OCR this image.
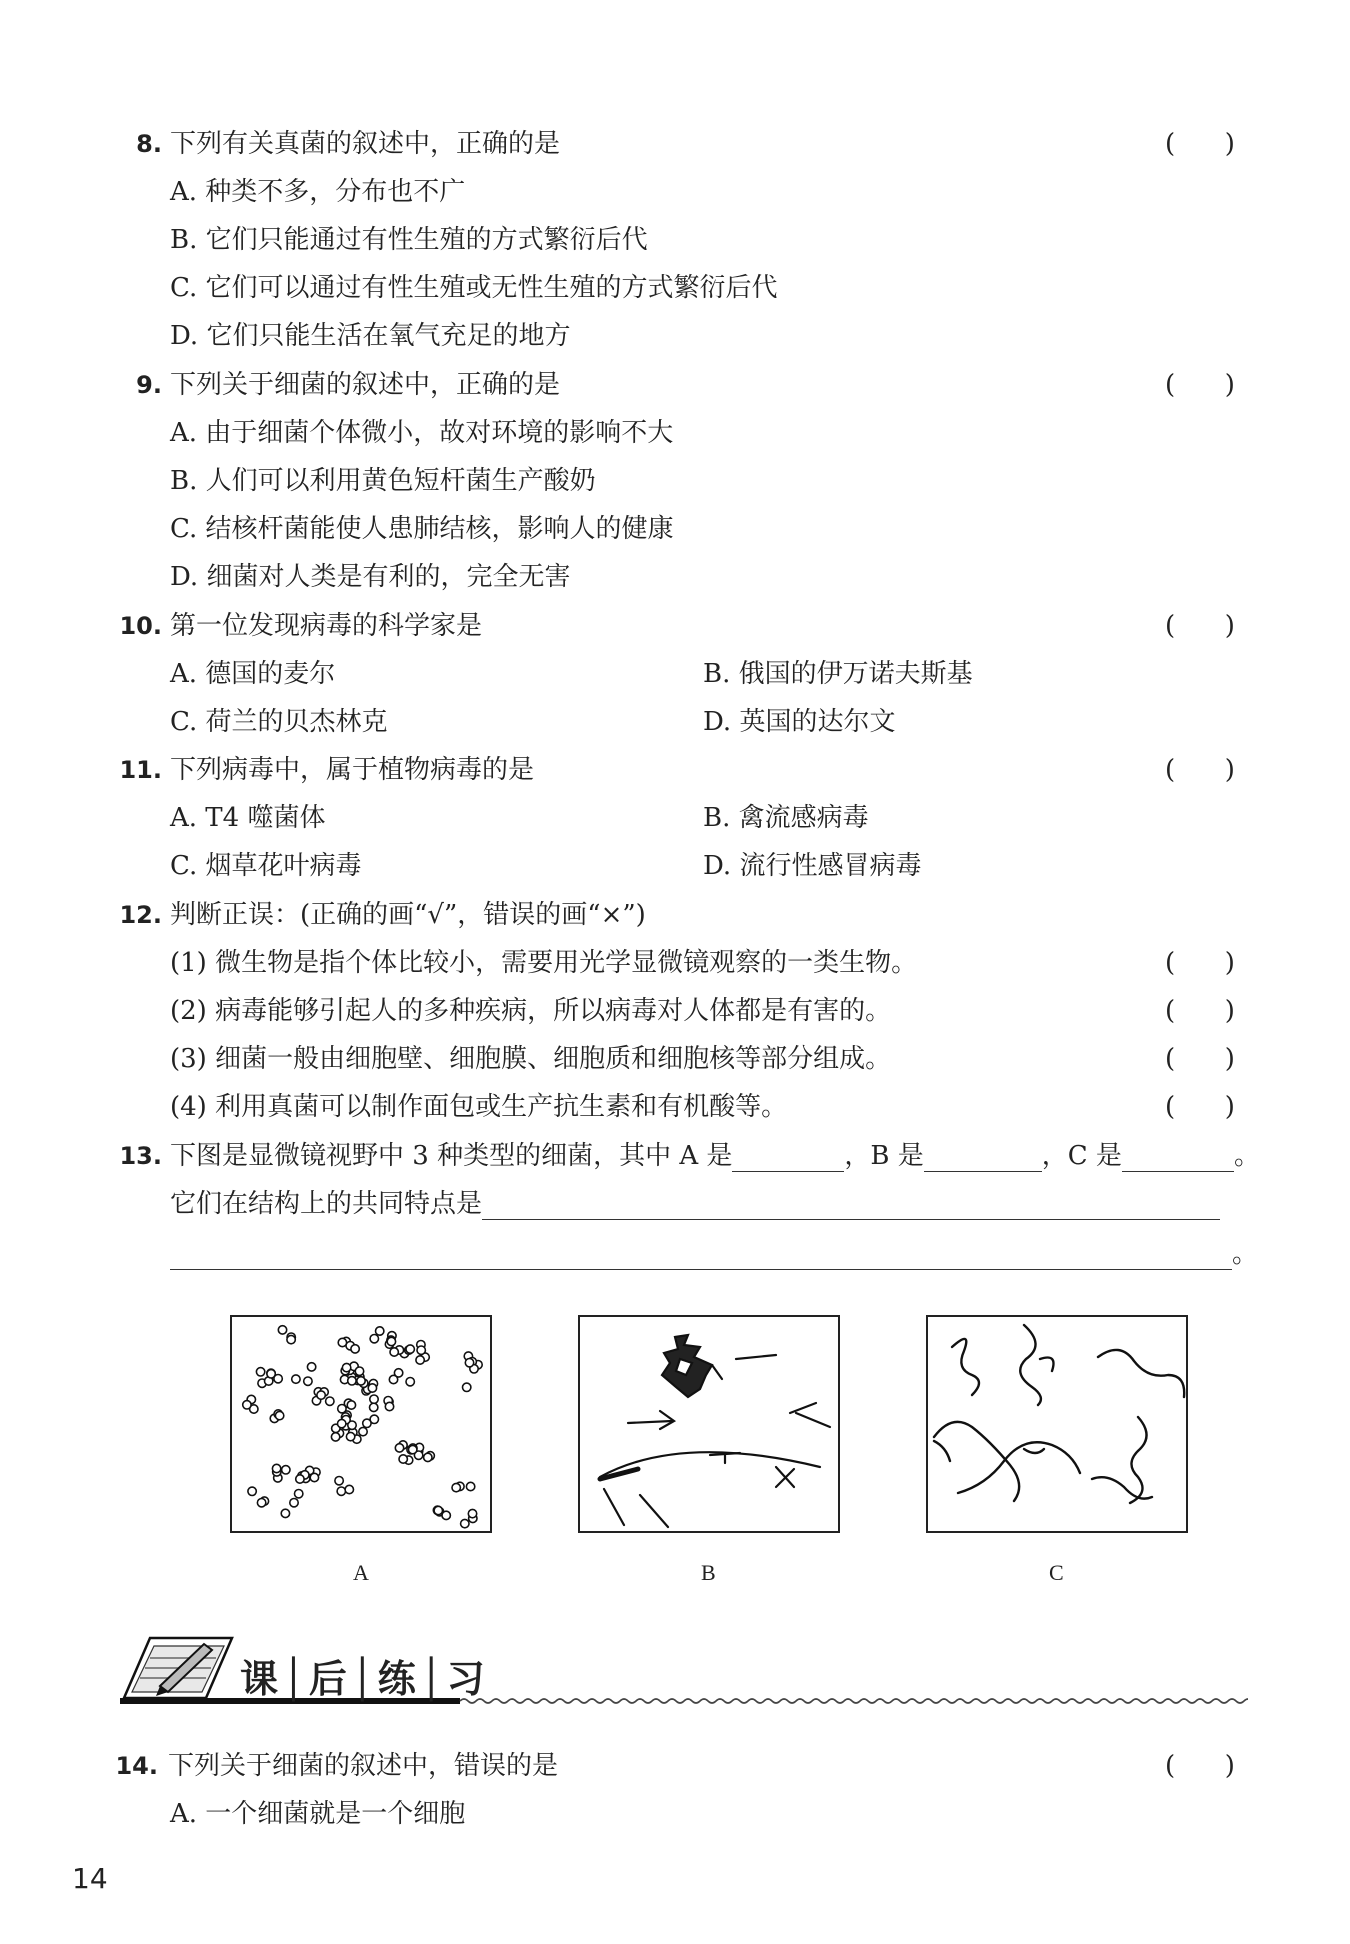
8. 下列有关真菌的叙述中，正确的是	(      )
A. 种类不多，分布也不广
B. 它们只能通过有性生殖的方式繁衍后代
C. 它们可以通过有性生殖或无性生殖的方式繁衍后代
D. 它们只能生活在氧气充足的地方
9. 下列关于细菌的叙述中，正确的是	(      )
A. 由于细菌个体微小，故对环境的影响不大
B. 人们可以利用黄色短杆菌生产酸奶
C. 结核杆菌能使人患肺结核，影响人的健康
D. 细菌对人类是有利的，完全无害
10. 第一位发现病毒的科学家是	(      )
A. 德国的麦尔	B. 俄国的伊万诺夫斯基
C. 荷兰的贝杰林克	D. 英国的达尔文
11. 下列病毒中，属于植物病毒的是	(      )
A. T4 噬菌体	B. 禽流感病毒
C. 烟草花叶病毒	D. 流行性感冒病毒
12. 判断正误：(正确的画“√”，错误的画“×”)
(1) 微生物是指个体比较小，需要用光学显微镜观察的一类生物。	(      )
(2) 病毒能够引起人的多种疾病，所以病毒对人体都是有害的。	(      )
(3) 细菌一般由细胞壁、细胞膜、细胞质和细胞核等部分组成。	(      )
(4) 利用真菌可以制作面包或生产抗生素和有机酸等。	(      )
13. 下图是显微镜视野中 3 种类型的细菌，其中 A 是	，B 是	，C 是	。
它们在结构上的共同特点是
。
A	B	C
课│后│练│习
14. 下列关于细菌的叙述中，错误的是	(      )
A. 一个细菌就是一个细胞
14
